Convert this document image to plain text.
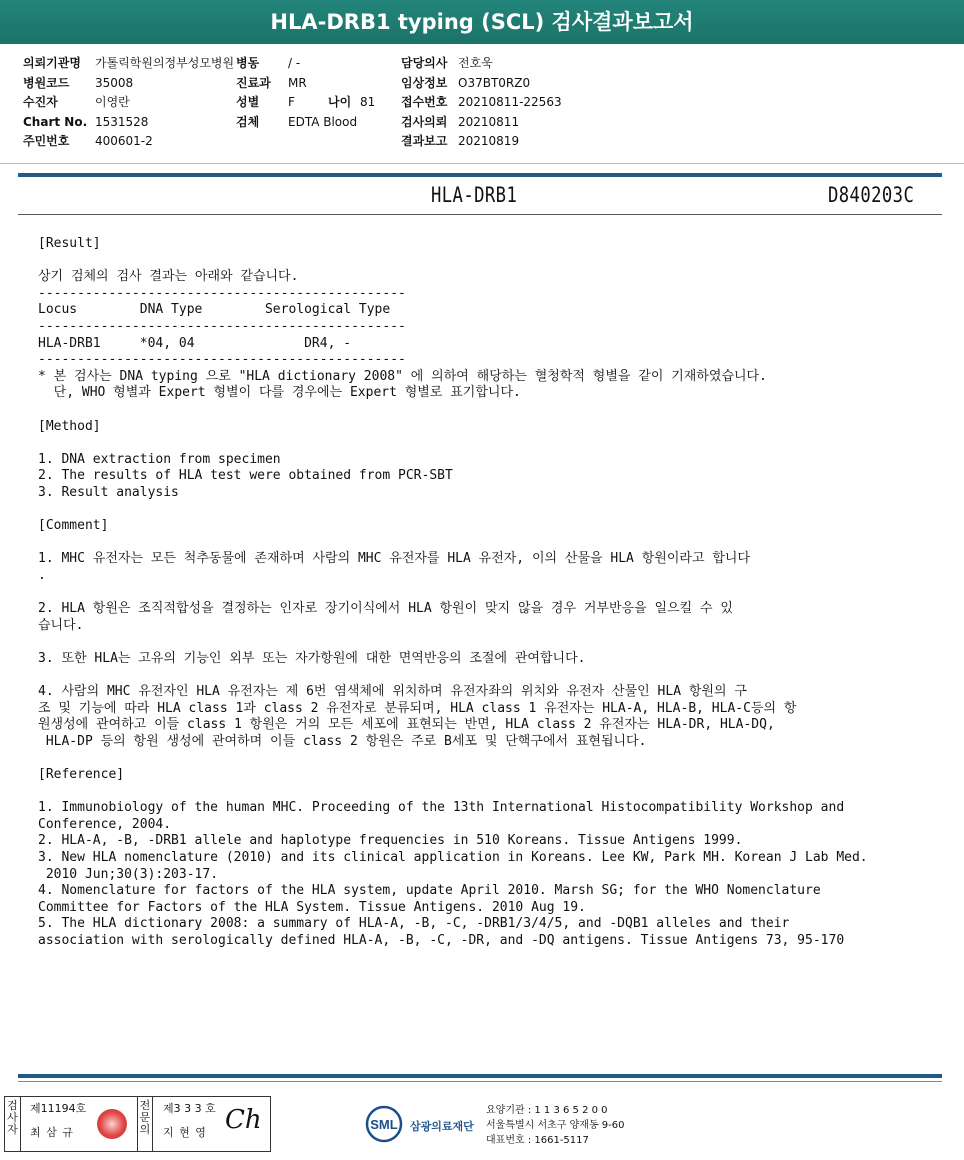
HLA-DRB1 typing (SCL) 검사결과보고서
의뢰기관명 가톨릭학원의정부성모병원
병원코드 35008
수진자	이영란
Chart No. 1531528
주민번호 400601-2
병동 / -
진료과 MR
성별 F	나이 81
검체 EDTA Blood
담당의사 전호욱
임상정보 O37BT0RZ0
접수번호 20210811-22563
검사의뢰 20210811
결과보고 20210819
HLA-DRB1	D840203C
[Result]

상기 검체의 검사 결과는 아래와 같습니다.
-----------------------------------------------
Locus        DNA Type        Serological Type
-----------------------------------------------
HLA-DRB1     *04, 04              DR4, -
-----------------------------------------------
* 본 검사는 DNA typing 으로 "HLA dictionary 2008" 에 의하여 해당하는 혈청학적 형별을 같이 기재하였습니다.
단, WHO 형별과 Expert 형별이 다를 경우에는 Expert 형별로 표기합니다.

[Method]

1. DNA extraction from specimen
2. The results of HLA test were obtained from PCR-SBT
3. Result analysis

[Comment]

1. MHC 유전자는 모든 척추동물에 존재하며 사람의 MHC 유전자를 HLA 유전자, 이의 산물을 HLA 항원이라고 합니다
.

2. HLA 항원은 조직적합성을 결정하는 인자로 장기이식에서 HLA 항원이 맞지 않을 경우 거부반응을 일으킬 수 있
습니다.

3. 또한 HLA는 고유의 기능인 외부 또는 자가항원에 대한 면역반응의 조절에 관여합니다.

4. 사람의 MHC 유전자인 HLA 유전자는 제 6번 염색체에 위치하며 유전자좌의 위치와 유전자 산물인 HLA 항원의 구
조 및 기능에 따라 HLA class 1과 class 2 유전자로 분류되며, HLA class 1 유전자는 HLA-A, HLA-B, HLA-C등의 항
원생성에 관여하고 이들 class 1 항원은 거의 모든 세포에 표현되는 반면, HLA class 2 유전자는 HLA-DR, HLA-DQ,
HLA-DP 등의 항원 생성에 관여하며 이들 class 2 항원은 주로 B세포 및 단핵구에서 표현됩니다.

[Reference]

1. Immunobiology of the human MHC. Proceeding of the 13th International Histocompatibility Workshop and
Conference, 2004.
2. HLA-A, -B, -DRB1 allele and haplotype frequencies in 510 Koreans. Tissue Antigens 1999.
3. New HLA nomenclature (2010) and its clinical application in Koreans. Lee KW, Park MH. Korean J Lab Med.
2010 Jun;30(3):203-17.
4. Nomenclature for factors of the HLA system, update April 2010. Marsh SG; for the WHO Nomenclature
Committee for Factors of the HLA System. Tissue Antigens. 2010 Aug 19.
5. The HLA dictionary 2008: a summary of HLA-A, -B, -C, -DRB1/3/4/5, and -DQB1 alleles and their
association with serologically defined HLA-A, -B, -C, -DR, and -DQ antigens. Tissue Antigens 73, 95-170
검사자
제11194호
최 삼 규
전문의
제3 3 3 호
지 현 영 Ch	SML 삼광의료재단
요양기관 : 1 1 3 6 5 2 0 0
서울특별시 서초구 양재동 9-60
대표번호 : 1661-5117
